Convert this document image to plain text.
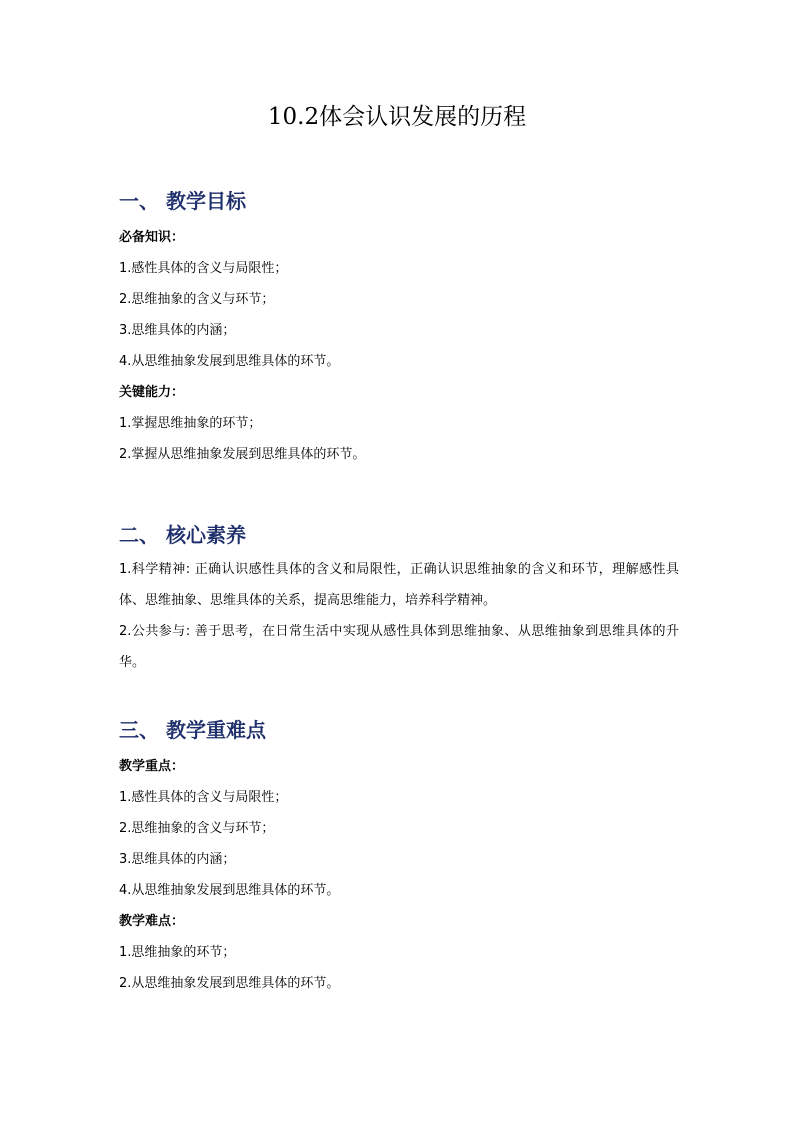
10.2体会认识发展的历程
一、 教学目标
必备知识：
1.感性具体的含义与局限性；
2.思维抽象的含义与环节；
3.思维具体的内涵；
4.从思维抽象发展到思维具体的环节。
关键能力：
1.掌握思维抽象的环节；
2.掌握从思维抽象发展到思维具体的环节。
二、 核心素养
1.科学精神: 正确认识感性具体的含义和局限性，正确认识思维抽象的含义和环节，理解感性具体、思维抽象、思维具体的关系，提高思维能力，培养科学精神。
2.公共参与: 善于思考，在日常生活中实现从感性具体到思维抽象、从思维抽象到思维具体的升华。
三、 教学重难点
教学重点：
1.感性具体的含义与局限性；
2.思维抽象的含义与环节；
3.思维具体的内涵；
4.从思维抽象发展到思维具体的环节。
教学难点：
1.思维抽象的环节；
2.从思维抽象发展到思维具体的环节。
